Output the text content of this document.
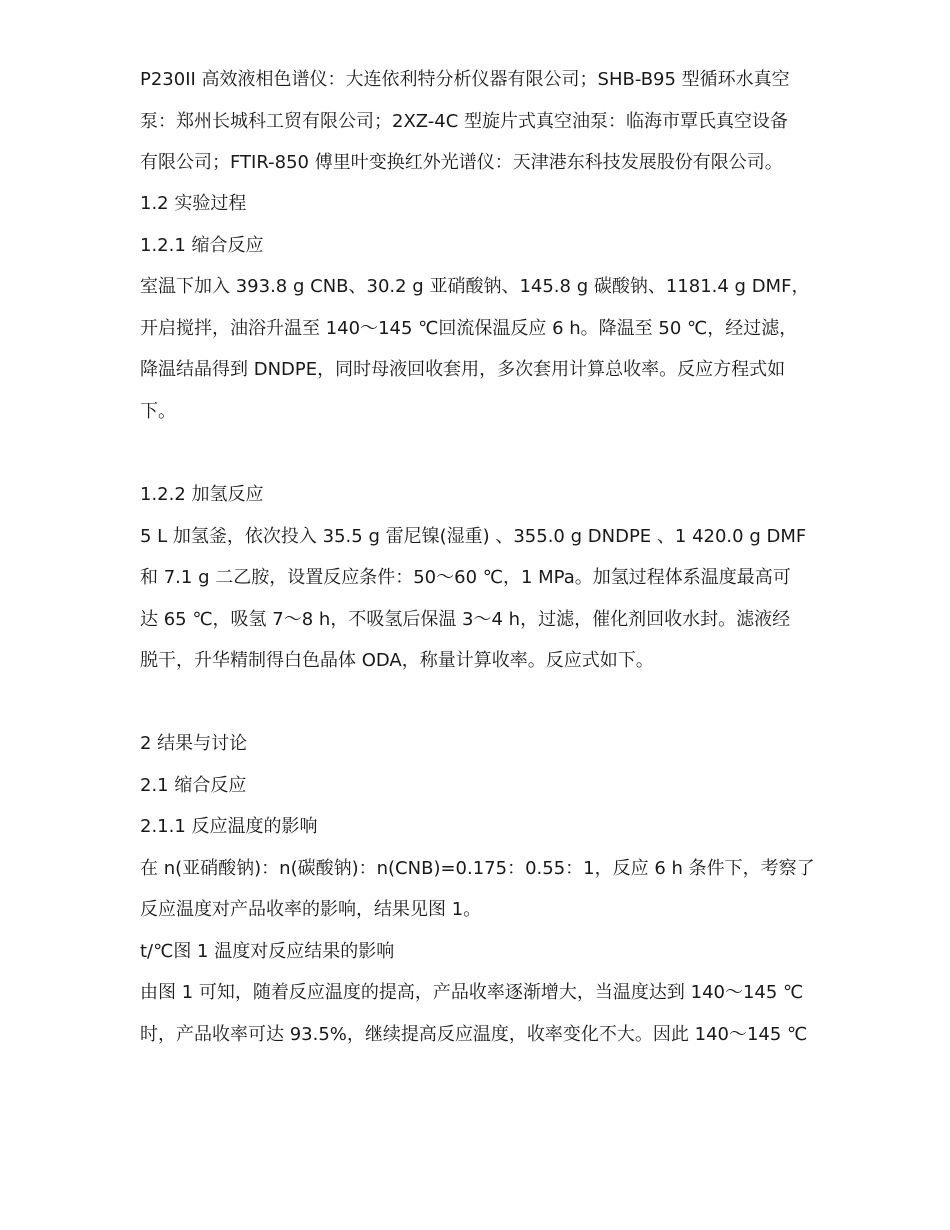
P230II 高效液相色谱仪：大连依利特分析仪器有限公司；SHB-B95 型循环水真空
泵：郑州长城科工贸有限公司；2XZ-4C 型旋片式真空油泵：临海市覃氏真空设备
有限公司；FTIR-850 傅里叶变换红外光谱仪：天津港东科技发展股份有限公司。
1.2 实验过程
1.2.1 缩合反应
室温下加入 393.8 g CNB、30.2 g 亚硝酸钠、145.8 g 碳酸钠、1181.4 g DMF，
开启搅拌，油浴升温至 140～145 ℃回流保温反应 6 h。降温至 50 ℃，经过滤，
降温结晶得到 DNDPE，同时母液回收套用，多次套用计算总收率。反应方程式如
下。
1.2.2 加氢反应
5 L 加氢釜，依次投入 35.5 g 雷尼镍(湿重) 、355.0 g DNDPE 、1 420.0 g DMF
和 7.1 g 二乙胺，设置反应条件：50～60 ℃，1 MPa。加氢过程体系温度最高可
达 65 ℃，吸氢 7～8 h，不吸氢后保温 3～4 h，过滤，催化剂回收水封。滤液经
脱干，升华精制得白色晶体 ODA，称量计算收率。反应式如下。
2 结果与讨论
2.1 缩合反应
2.1.1 反应温度的影响
在 n(亚硝酸钠)：n(碳酸钠)：n(CNB)=0.175：0.55：1，反应 6 h 条件下，考察了
反应温度对产品收率的影响，结果见图 1。
t/℃图 1 温度对反应结果的影响
由图 1 可知，随着反应温度的提高，产品收率逐渐增大，当温度达到 140～145 ℃
时，产品收率可达 93.5%，继续提高反应温度，收率变化不大。因此 140～145 ℃
